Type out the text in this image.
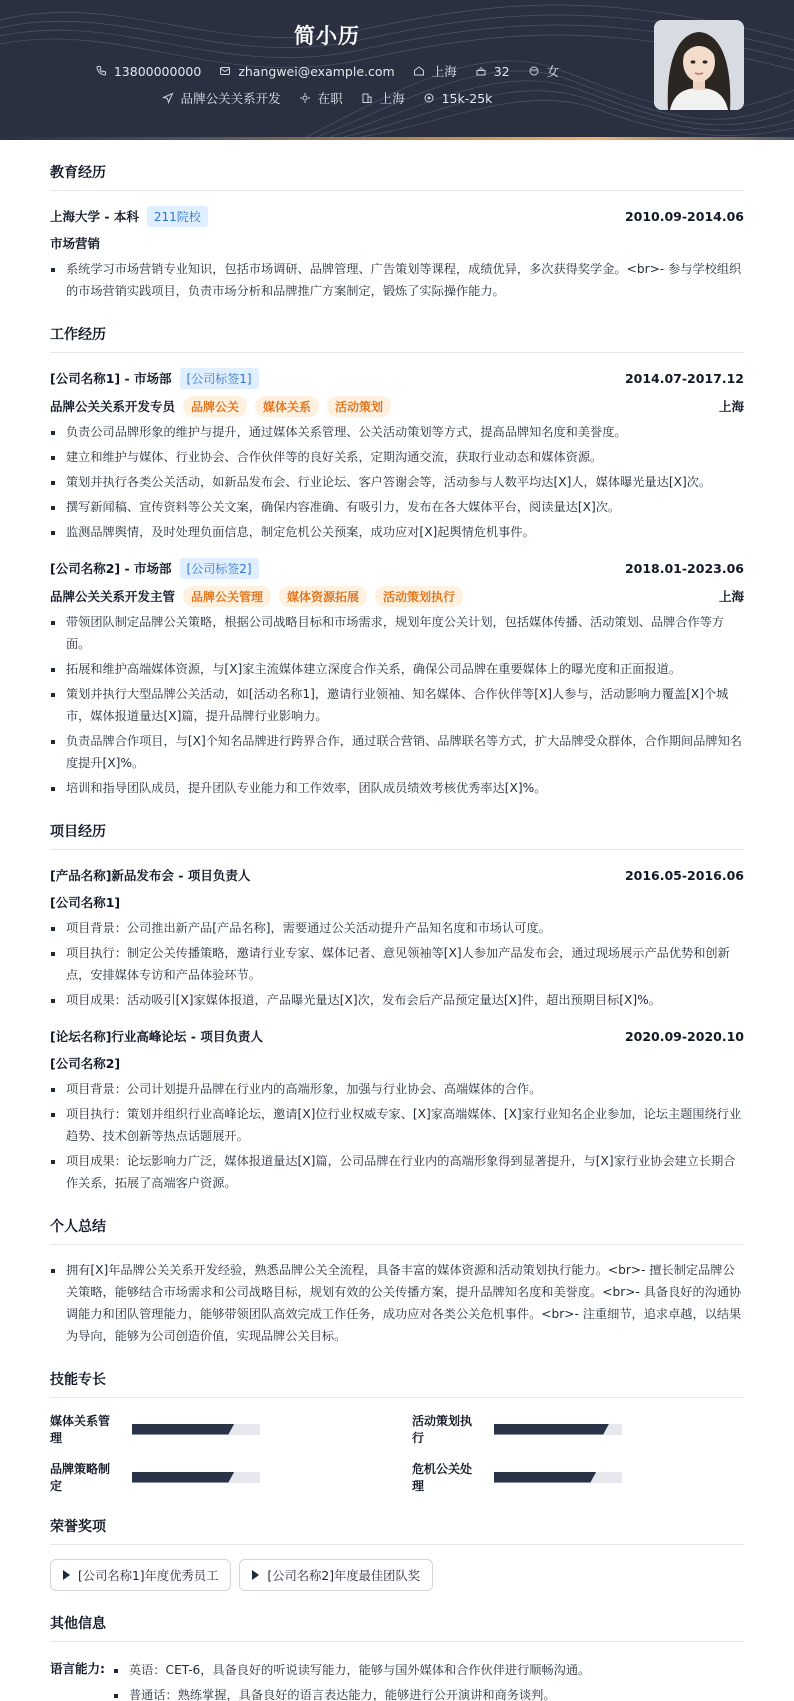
简小历
13800000000	zhangwei@example.com	上海	32	女
品牌公关关系开发	在职	上海	15k-25k
教育经历
上海大学 - 本科	211院校	2010.09-2014.06
市场营销
系统学习市场营销专业知识，包括市场调研、品牌管理、广告策划等课程，成绩优异，多次获得奖学金。<br>- 参与学校组织的市场营销实践项目，负责市场分析和品牌推广方案制定，锻炼了实际操作能力。
工作经历
[公司名称1] - 市场部	[公司标签1]	2014.07-2017.12
品牌公关关系开发专员	品牌公关	媒体关系	活动策划	上海
负责公司品牌形象的维护与提升，通过媒体关系管理、公关活动策划等方式，提高品牌知名度和美誉度。
建立和维护与媒体、行业协会、合作伙伴等的良好关系，定期沟通交流，获取行业动态和媒体资源。
策划并执行各类公关活动，如新品发布会、行业论坛、客户答谢会等，活动参与人数平均达[X]人，媒体曝光量达[X]次。
撰写新闻稿、宣传资料等公关文案，确保内容准确、有吸引力，发布在各大媒体平台，阅读量达[X]次。
监测品牌舆情，及时处理负面信息，制定危机公关预案，成功应对[X]起舆情危机事件。
[公司名称2] - 市场部	[公司标签2]	2018.01-2023.06
品牌公关关系开发主管	品牌公关管理	媒体资源拓展	活动策划执行	上海
带领团队制定品牌公关策略，根据公司战略目标和市场需求，规划年度公关计划，包括媒体传播、活动策划、品牌合作等方面。
拓展和维护高端媒体资源，与[X]家主流媒体建立深度合作关系，确保公司品牌在重要媒体上的曝光度和正面报道。
策划并执行大型品牌公关活动，如[活动名称1]，邀请行业领袖、知名媒体、合作伙伴等[X]人参与，活动影响力覆盖[X]个城市，媒体报道量达[X]篇，提升品牌行业影响力。
负责品牌合作项目，与[X]个知名品牌进行跨界合作，通过联合营销、品牌联名等方式，扩大品牌受众群体，合作期间品牌知名度提升[X]%。
培训和指导团队成员，提升团队专业能力和工作效率，团队成员绩效考核优秀率达[X]%。
项目经历
[产品名称]新品发布会 - 项目负责人	2016.05-2016.06
[公司名称1]
项目背景：公司推出新产品[产品名称]，需要通过公关活动提升产品知名度和市场认可度。
项目执行：制定公关传播策略，邀请行业专家、媒体记者、意见领袖等[X]人参加产品发布会，通过现场展示产品优势和创新点，安排媒体专访和产品体验环节。
项目成果：活动吸引[X]家媒体报道，产品曝光量达[X]次，发布会后产品预定量达[X]件，超出预期目标[X]%。
[论坛名称]行业高峰论坛 - 项目负责人	2020.09-2020.10
[公司名称2]
项目背景：公司计划提升品牌在行业内的高端形象，加强与行业协会、高端媒体的合作。
项目执行：策划并组织行业高峰论坛，邀请[X]位行业权威专家、[X]家高端媒体、[X]家行业知名企业参加，论坛主题围绕行业趋势、技术创新等热点话题展开。
项目成果：论坛影响力广泛，媒体报道量达[X]篇，公司品牌在行业内的高端形象得到显著提升，与[X]家行业协会建立长期合作关系，拓展了高端客户资源。
个人总结
拥有[X]年品牌公关关系开发经验，熟悉品牌公关全流程，具备丰富的媒体资源和活动策划执行能力。<br>- 擅长制定品牌公关策略，能够结合市场需求和公司战略目标，规划有效的公关传播方案，提升品牌知名度和美誉度。<br>- 具备良好的沟通协调能力和团队管理能力，能够带领团队高效完成工作任务，成功应对各类公关危机事件。<br>- 注重细节，追求卓越，以结果为导向，能够为公司创造价值，实现品牌公关目标。
技能专长
媒体关系管理
活动策划执行
品牌策略制定
危机公关处理
荣誉奖项
[公司名称1]年度优秀员工	[公司名称2]年度最佳团队奖
其他信息
语言能力:	英语：CET-6，具备良好的听说读写能力，能够与国外媒体和合作伙伴进行顺畅沟通。
普通话：熟练掌握，具备良好的语言表达能力，能够进行公开演讲和商务谈判。
